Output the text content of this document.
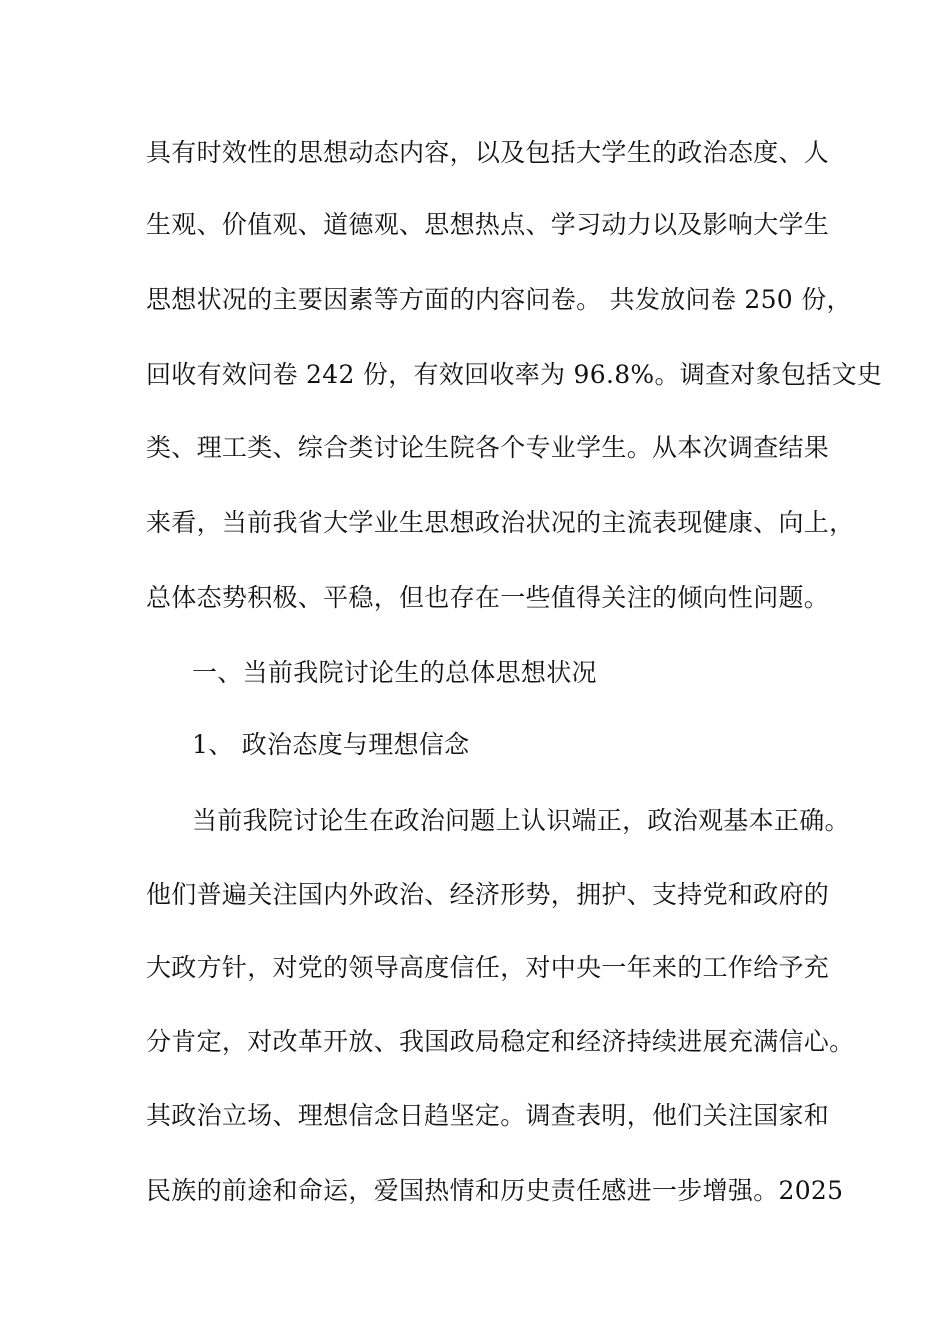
具有时效性的思想动态内容，以及包括大学生的政治态度、人
生观、价值观、道德观、思想热点、学习动力以及影响大学生
思想状况的主要因素等方面的内容问卷。 共发放问卷 250 份，
回收有效问卷 242 份，有效回收率为 96.8%。调查对象包括文史
类、理工类、综合类讨论生院各个专业学生。从本次调查结果
来看，当前我省大学业生思想政治状况的主流表现健康、向上，
总体态势积极、平稳，但也存在一些值得关注的倾向性问题。
一、当前我院讨论生的总体思想状况
1、 政治态度与理想信念
当前我院讨论生在政治问题上认识端正，政治观基本正确。
他们普遍关注国内外政治、经济形势，拥护、支持党和政府的
大政方针，对党的领导高度信任，对中央一年来的工作给予充
分肯定，对改革开放、我国政局稳定和经济持续进展充满信心。
其政治立场、理想信念日趋坚定。调查表明，他们关注国家和
民族的前途和命运，爱国热情和历史责任感进一步增强。2025
